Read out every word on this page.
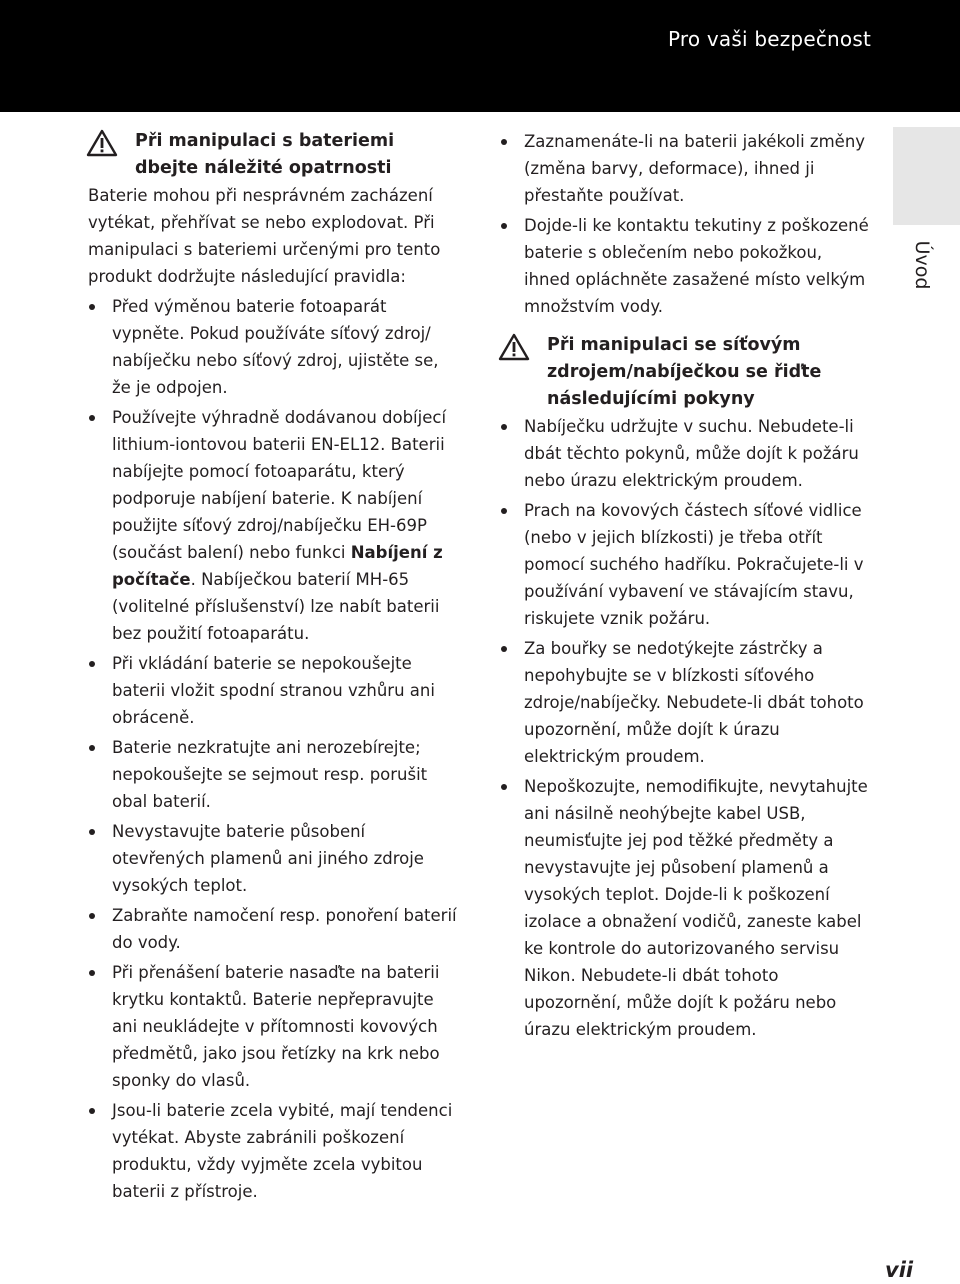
Pro vaši bezpečnost
Úvod
Při manipulaci s bateriemi dbejte náležité opatrnosti

Baterie mohou při nesprávném zacházení vytékat, přehřívat se nebo explodovat. Při manipulaci s bateriemi určenými pro tento produkt dodržujte následující pravidla:

Před výměnou baterie fotoaparát vypněte. Pokud používáte síťový zdroj/ nabíječku nebo síťový zdroj, ujistěte se, že je odpojen.
Používejte výhradně dodávanou dobíjecí lithium-iontovou baterii EN-EL12. Baterii nabíjejte pomocí fotoaparátu, který podporuje nabíjení baterie. K nabíjení použijte síťový zdroj/nabíječku EH-69P (součást balení) nebo funkci Nabíjení z počítače. Nabíječkou baterií MH-65 (volitelné příslušenství) lze nabít baterii bez použití fotoaparátu.
Při vkládání baterie se nepokoušejte baterii vložit spodní stranou vzhůru ani obráceně.
Baterie nezkratujte ani nerozebírejte; nepokoušejte se sejmout resp. porušit obal baterií.
Nevystavujte baterie působení otevřených plamenů ani jiného zdroje vysokých teplot.
Zabraňte namočení resp. ponoření baterií do vody.
Při přenášení baterie nasaďte na baterii krytku kontaktů. Baterie nepřepravujte ani neukládejte v přítomnosti kovových předmětů, jako jsou řetízky na krk nebo sponky do vlasů.
Jsou-li baterie zcela vybité, mají tendenci vytékat. Abyste zabránili poškození produktu, vždy vyjměte zcela vybitou baterii z přístroje.
Zaznamenáte-li na baterii jakékoli změny (změna barvy, deformace), ihned ji přestaňte používat.
Dojde-li ke kontaktu tekutiny z poškozené baterie s oblečením nebo pokožkou, ihned opláchněte zasažené místo velkým množstvím vody.
Při manipulaci se síťovým zdrojem/nabíječkou se řiďte následujícími pokyny
Nabíječku udržujte v suchu. Nebudete-li dbát těchto pokynů, může dojít k požáru nebo úrazu elektrickým proudem.
Prach na kovových částech síťové vidlice (nebo v jejich blízkosti) je třeba otřít pomocí suchého hadříku. Pokračujete-li v používání vybavení ve stávajícím stavu, riskujete vznik požáru.
Za bouřky se nedotýkejte zástrčky a nepohybujte se v blízkosti síťového zdroje/nabíječky. Nebudete-li dbát tohoto upozornění, může dojít k úrazu elektrickým proudem.
Nepoškozujte, nemodifikujte, nevytahujte ani násilně neohýbejte kabel USB, neumisťujte jej pod těžké předměty a nevystavujte jej působení plamenů a vysokých teplot. Dojde-li k poškození izolace a obnažení vodičů, zaneste kabel ke kontrole do autorizovaného servisu Nikon. Nebudete-li dbát tohoto upozornění, může dojít k požáru nebo úrazu elektrickým proudem.
vii
